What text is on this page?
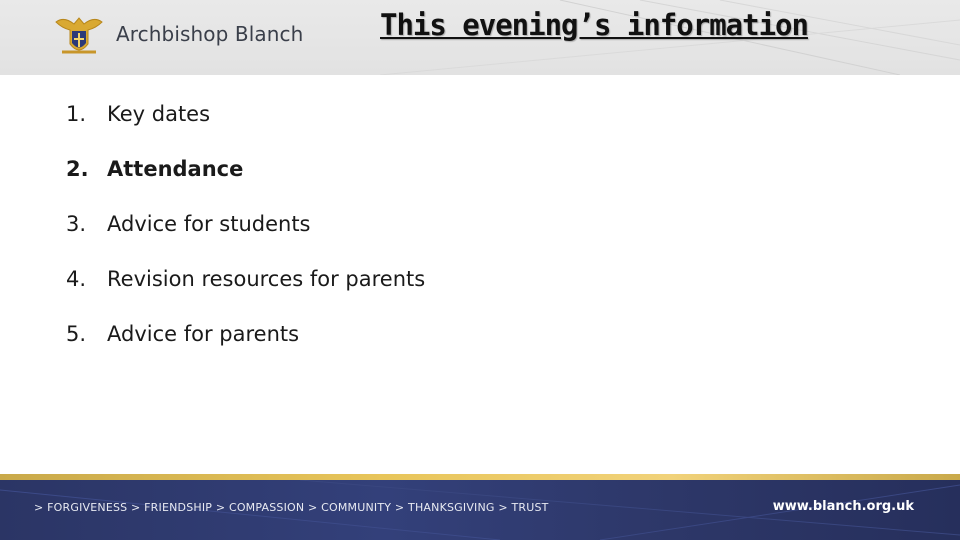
Archbishop Blanch	This evening’s information
1. Key dates
2. Attendance
3. Advice for students
4. Revision resources for parents
5. Advice for parents
> FORGIVENESS > FRIENDSHIP > COMPASSION > COMMUNITY > THANKSGIVING > TRUST	www.blanch.org.uk
